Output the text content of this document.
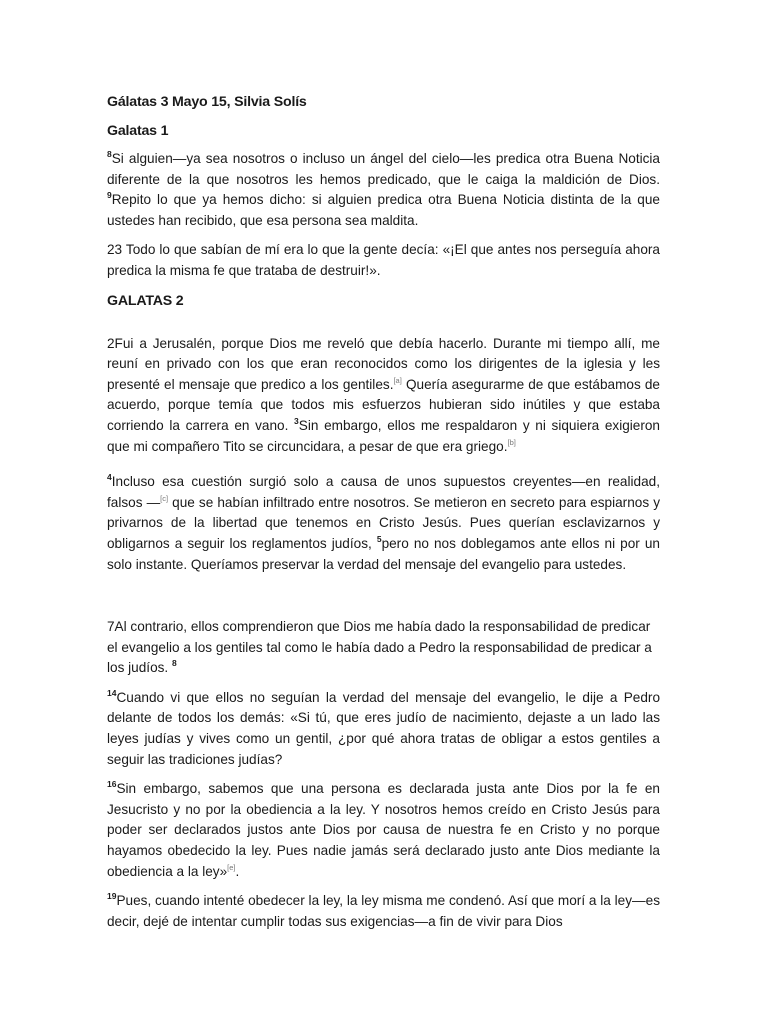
Gálatas 3 Mayo 15, Silvia Solís
Galatas 1

$^8$Si alguien—ya sea nosotros o incluso un ángel del cielo—les predica otra Buena Noticia diferente de la que nosotros les hemos predicado, que le caiga la maldición de Dios. $^9$Repito lo que ya hemos dicho: si alguien predica otra Buena Noticia distinta de la que ustedes han recibido, que esa persona sea maldita.

23 Todo lo que sabían de mí era lo que la gente decía: «¡El que antes nos perseguía ahora predica la misma fe que trataba de destruir!».

GALATAS 2

2Fui a Jerusalén, porque Dios me reveló que debía hacerlo. Durante mi tiempo allí, me reuní en privado con los que eran reconocidos como los dirigentes de la iglesia y les presenté el mensaje que predico a los gentiles.[a] Quería asegurarme de que estábamos de acuerdo, porque temía que todos mis esfuerzos hubieran sido inútiles y que estaba corriendo la carrera en vano. $^3$Sin embargo, ellos me respaldaron y ni siquiera exigieron que mi compañero Tito se circuncidara, a pesar de que era griego.[b]

$^4$Incluso esa cuestión surgió solo a causa de unos supuestos creyentes—en realidad, falsos —[c] que se habían infiltrado entre nosotros. Se metieron en secreto para espiarnos y privarnos de la libertad que tenemos en Cristo Jesús. Pues querían esclavizarnos y obligarnos a seguir los reglamentos judíos, $^5$pero no nos doblegamos ante ellos ni por un solo instante. Queríamos preservar la verdad del mensaje del evangelio para ustedes.

7Al contrario, ellos comprendieron que Dios me había dado la responsabilidad de predicar el evangelio a los gentiles tal como le había dado a Pedro la responsabilidad de predicar a los judíos. $^8$

$^{14}$Cuando vi que ellos no seguían la verdad del mensaje del evangelio, le dije a Pedro delante de todos los demás: «Si tú, que eres judío de nacimiento, dejaste a un lado las leyes judías y vives como un gentil, ¿por qué ahora tratas de obligar a estos gentiles a seguir las tradiciones judías?

$^{16}$Sin embargo, sabemos que una persona es declarada justa ante Dios por la fe en Jesucristo y no por la obediencia a la ley. Y nosotros hemos creído en Cristo Jesús para poder ser declarados justos ante Dios por causa de nuestra fe en Cristo y no porque hayamos obedecido la ley. Pues nadie jamás será declarado justo ante Dios mediante la obediencia a la ley»[e].

$^{19}$Pues, cuando intenté obedecer la ley, la ley misma me condenó. Así que morí a la ley—es decir, dejé de intentar cumplir todas sus exigencias—a fin de vivir para Dios
